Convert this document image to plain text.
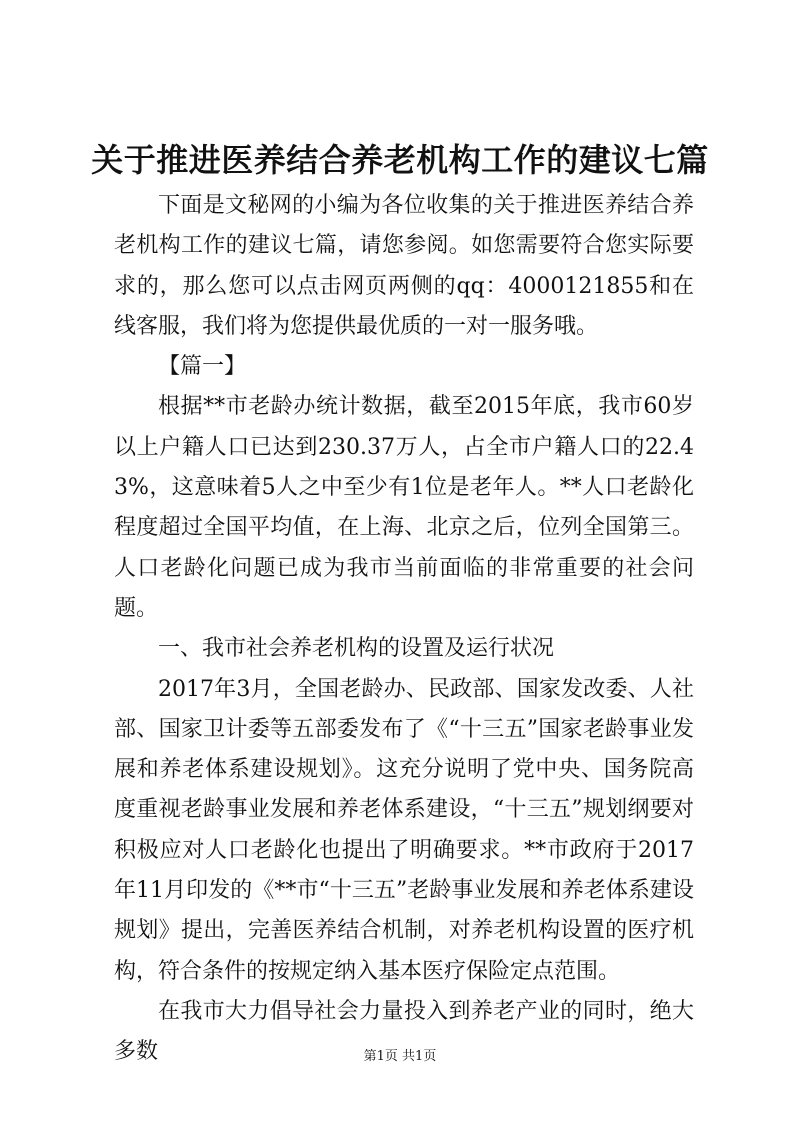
关于推进医养结合养老机构工作的建议七篇

下面是文秘网的小编为各位收集的关于推进医养结合养老机构工作的建议七篇，请您参阅。如您需要符合您实际要求的，那么您可以点击网页两侧的qq：4000121855和在线客服，我们将为您提供最优质的一对一服务哦。

【篇一】

根据**市老龄办统计数据，截至2015年底，我市60岁以上户籍人口已达到230.37万人，占全市户籍人口的22.43%，这意味着5人之中至少有1位是老年人。**人口老龄化程度超过全国平均值，在上海、北京之后，位列全国第三。人口老龄化问题已成为我市当前面临的非常重要的社会问题。

一、我市社会养老机构的设置及运行状况

2017年3月，全国老龄办、民政部、国家发改委、人社部、国家卫计委等五部委发布了《“十三五”国家老龄事业发展和养老体系建设规划》。这充分说明了党中央、国务院高度重视老龄事业发展和养老体系建设，“十三五”规划纲要对积极应对人口老龄化也提出了明确要求。**市政府于2017年11月印发的《**市“十三五”老龄事业发展和养老体系建设规划》提出，完善医养结合机制，对养老机构设置的医疗机构，符合条件的按规定纳入基本医疗保险定点范围。

在我市大力倡导社会力量投入到养老产业的同时，绝大多数	第1页 共1页
